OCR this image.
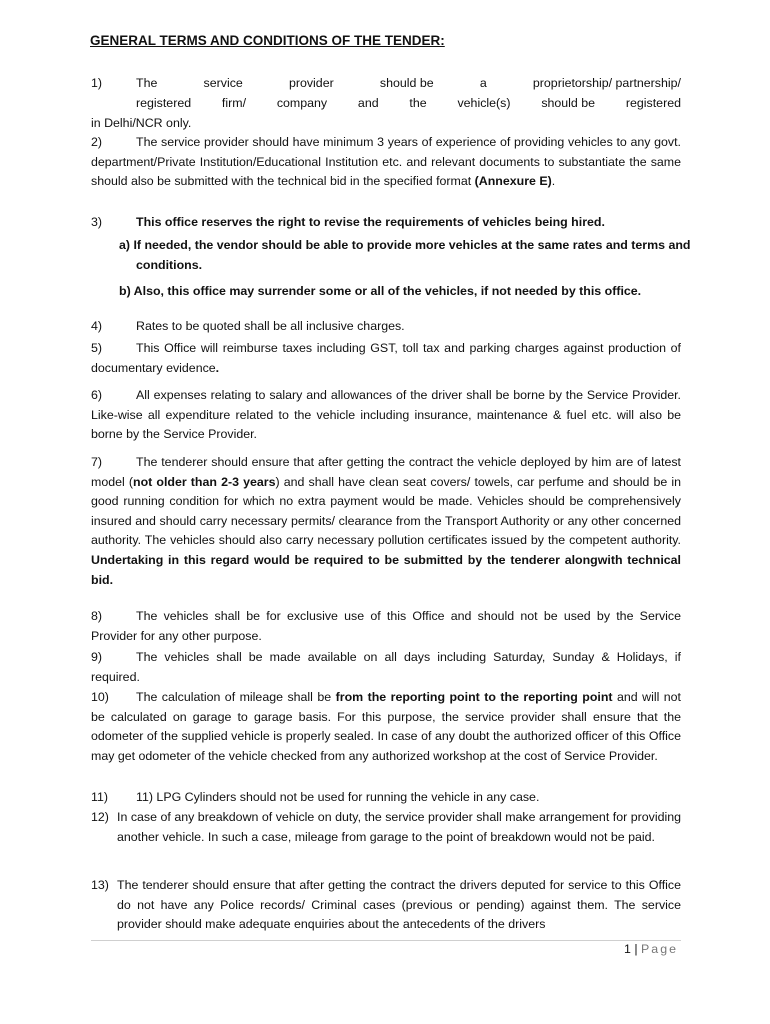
GENERAL TERMS AND CONDITIONS OF THE TENDER:
1)	The	service	provider	should be	a	proprietorship/ partnership/
registered firm/ company and the vehicle(s) should be registered
in Delhi/NCR only.

2)	The service provider should have minimum 3 years of experience of providing vehicles to any govt. department/Private Institution/Educational Institution etc. and relevant documents to substantiate the same should also be submitted with the technical bid in the specified format (Annexure E).

3)	This office reserves the right to revise the requirements of vehicles being hired.

a) If needed, the vendor should be able to provide more vehicles at the same rates and terms and conditions.

b) Also, this office may surrender some or all of the vehicles, if not needed by this office.

4)	Rates to be quoted shall be all inclusive charges.

5)	This Office will reimburse taxes including GST, toll tax and parking charges against production of documentary evidence.

6)	All expenses relating to salary and allowances of the driver shall be borne by the Service Provider. Like-wise all expenditure related to the vehicle including insurance, maintenance & fuel etc. will also be borne by the Service Provider.

7)	The tenderer should ensure that after getting the contract the vehicle deployed by him are of latest model (not older than 2-3 years) and shall have clean seat covers/ towels, car perfume and should be in good running condition for which no extra payment would be made. Vehicles should be comprehensively insured and should carry necessary permits/ clearance from the Transport Authority or any other concerned authority. The vehicles should also carry necessary pollution certificates issued by the competent authority. Undertaking in this regard would be required to be submitted by the tenderer alongwith technical bid.

8)	The vehicles shall be for exclusive use of this Office and should not be used by the Service Provider for any other purpose.

9)	The vehicles shall be made available on all days including Saturday, Sunday & Holidays, if required.

10) The calculation of mileage shall be from the reporting point to the reporting point and will not be calculated on garage to garage basis. For this purpose, the service provider shall ensure that the odometer of the supplied vehicle is properly sealed. In case of any doubt the authorized officer of this Office may get odometer of the vehicle checked from any authorized workshop at the cost of Service Provider.

11) 11) LPG Cylinders should not be used for running the vehicle in any case.

12) In case of any breakdown of vehicle on duty, the service provider shall make arrangement for providing another vehicle. In such a case, mileage from garage to the point of breakdown would not be paid.

13) The tenderer should ensure that after getting the contract the drivers deputed for service to this Office do not have any Police records/ Criminal cases (previous or pending) against them. The service provider should make adequate enquiries about the antecedents of the drivers

1 | Page
